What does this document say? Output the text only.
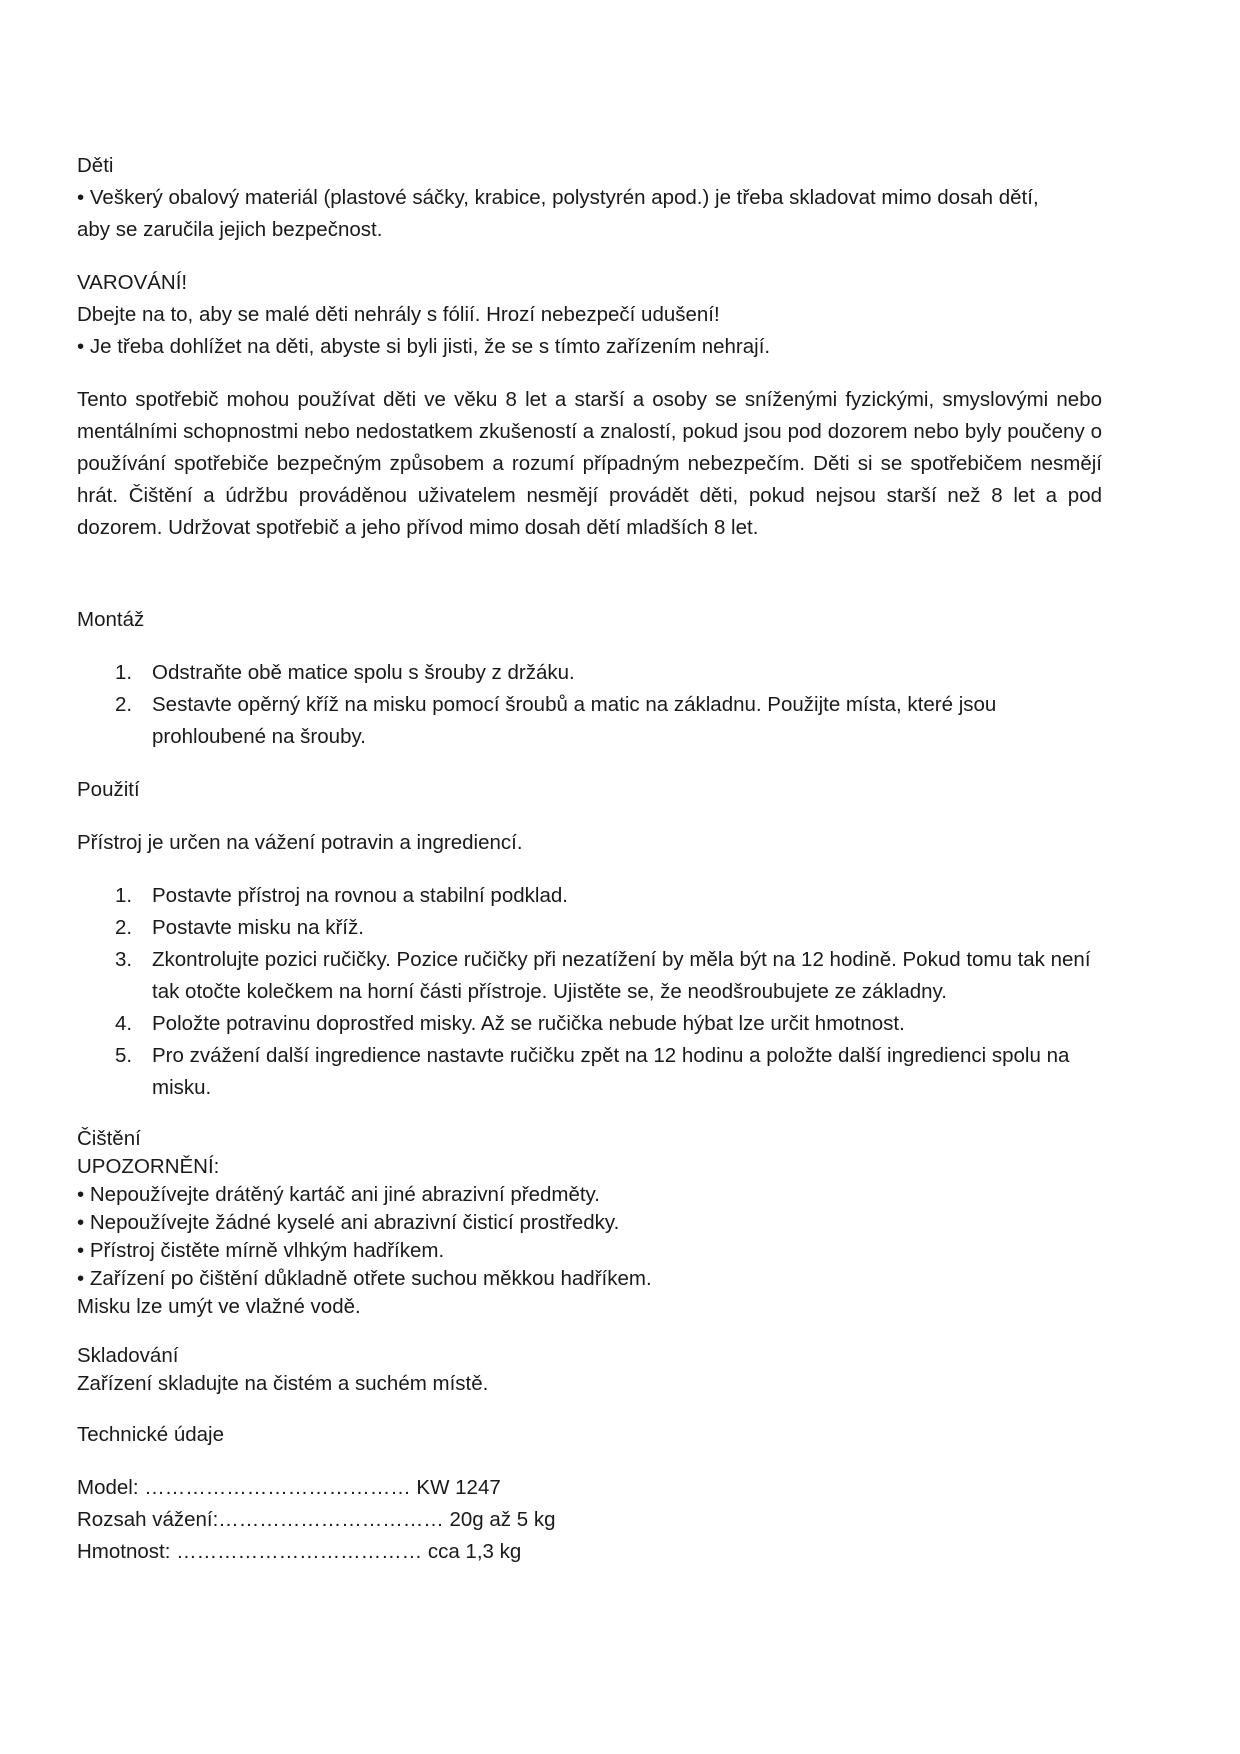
Děti
• Veškerý obalový materiál (plastové sáčky, krabice, polystyrén apod.) je třeba skladovat mimo dosah dětí,
aby se zaručila jejich bezpečnost.
VAROVÁNÍ!
Dbejte na to, aby se malé děti nehrály s fólií. Hrozí nebezpečí udušení!
• Je třeba dohlížet na děti, abyste si byli jisti, že se s tímto zařízením nehrají.
Tento spotřebič mohou používat děti ve věku 8 let a starší a osoby se sníženými fyzickými, smyslovými nebo mentálními schopnostmi nebo nedostatkem zkušeností a znalostí, pokud jsou pod dozorem nebo byly poučeny o používání spotřebiče bezpečným způsobem a rozumí případným nebezpečím. Děti si se spotřebičem nesmějí hrát. Čištění a údržbu prováděnou uživatelem nesmějí provádět děti, pokud nejsou starší než 8 let a pod dozorem. Udržovat spotřebič a jeho přívod mimo dosah dětí mladších 8 let.
Montáž
1. Odstraňte obě matice spolu s šrouby z držáku.
2. Sestavte opěrný kříž na misku pomocí šroubů a matic na základnu. Použijte místa, které jsou prohloubené na šrouby.
Použití
Přístroj je určen na vážení potravin a ingrediencí.
1. Postavte přístroj na rovnou a stabilní podklad.
2. Postavte misku na kříž.
3. Zkontrolujte pozici ručičky. Pozice ručičky při nezatížení by měla být na 12 hodině. Pokud tomu tak není tak otočte kolečkem na horní části přístroje. Ujistěte se, že neodšroubujete ze základny.
4. Položte potravinu doprostřed misky. Až se ručička nebude hýbat lze určit hmotnost.
5. Pro zvážení další ingredience nastavte ručičku zpět na 12 hodinu a položte další ingredienci spolu na misku.
Čištění
UPOZORNĚNÍ:
• Nepoužívejte drátěný kartáč ani jiné abrazivní předměty.
• Nepoužívejte žádné kyselé ani abrazivní čisticí prostředky.
• Přístroj čistěte mírně vlhkým hadříkem.
• Zařízení po čištění důkladně otřete suchou měkkou hadříkem.
Misku lze umýt ve vlažné vodě.
Skladování
Zařízení skladujte na čistém a suchém místě.
Technické údaje
Model: ………………………………… KW 1247
Rozsah vážení:…………………………… 20g až 5 kg
Hmotnost: ……………………………… cca 1,3 kg
